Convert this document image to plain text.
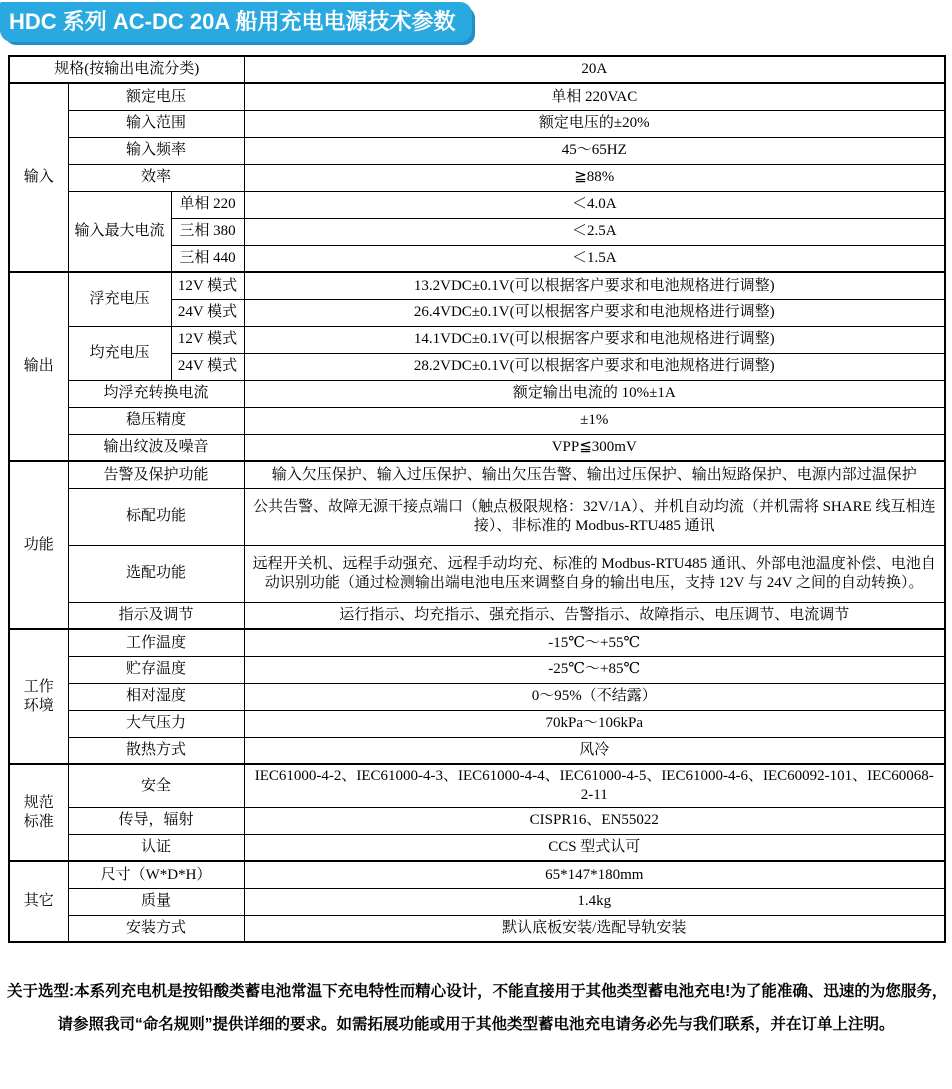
HDC 系列 AC-DC 20A 船用充电电源技术参数
规格(按输出电流分类)			20A
输入	额定电压		单相 220VAC
	输入范围		额定电压的±20%
	输入频率		45～65HZ
	效率		≧88%
	输入最大电流	单相 220	＜4.0A
		三相 380	＜2.5A
		三相 440	＜1.5A
输出	浮充电压	12V 模式	13.2VDC±0.1V(可以根据客户要求和电池规格进行调整)
		24V 模式	26.4VDC±0.1V(可以根据客户要求和电池规格进行调整)
	均充电压	12V 模式	14.1VDC±0.1V(可以根据客户要求和电池规格进行调整)
		24V 模式	28.2VDC±0.1V(可以根据客户要求和电池规格进行调整)
	均浮充转换电流		额定输出电流的 10%±1A
	稳压精度		±1%
	输出纹波及噪音		VPP≦300mV
功能	告警及保护功能		输入欠压保护、输入过压保护、输出欠压告警、输出过压保护、输出短路保护、电源内部过温保护
	标配功能		公共告警、故障无源干接点端口（触点极限规格：32V/1A）、并机自动均流（并机需将 SHARE 线互相连接）、非标准的 Modbus-RTU485 通讯
	选配功能		远程开关机、远程手动强充、远程手动均充、标准的 Modbus-RTU485 通讯、外部电池温度补偿、电池自动识别功能（通过检测输出端电池电压来调整自身的输出电压，支持 12V 与 24V 之间的自动转换）。
	指示及调节		运行指示、均充指示、强充指示、告警指示、故障指示、电压调节、电流调节
工作
环境	工作温度		-15℃～+55℃
	贮存温度		-25℃～+85℃
	相对湿度		0～95%（不结露）
	大气压力		70kPa～106kPa
	散热方式		风冷
规范
标准	安全		IEC61000-4-2、IEC61000-4-3、IEC61000-4-4、IEC61000-4-5、IEC61000-4-6、IEC60092-101、IEC60068-2-11
	传导，辐射		CISPR16、EN55022
	认证		CCS 型式认可
其它	尺寸（W*D*H）		65*147*180mm
	质量		1.4kg
	安装方式		默认底板安装/选配导轨安装
关于选型:本系列充电机是按铅酸类蓄电池常温下充电特性而精心设计，不能直接用于其他类型蓄电池充电!为了能准确、迅速的为您服务，
请参照我司“命名规则”提供详细的要求。如需拓展功能或用于其他类型蓄电池充电请务必先与我们联系，并在订单上注明。
